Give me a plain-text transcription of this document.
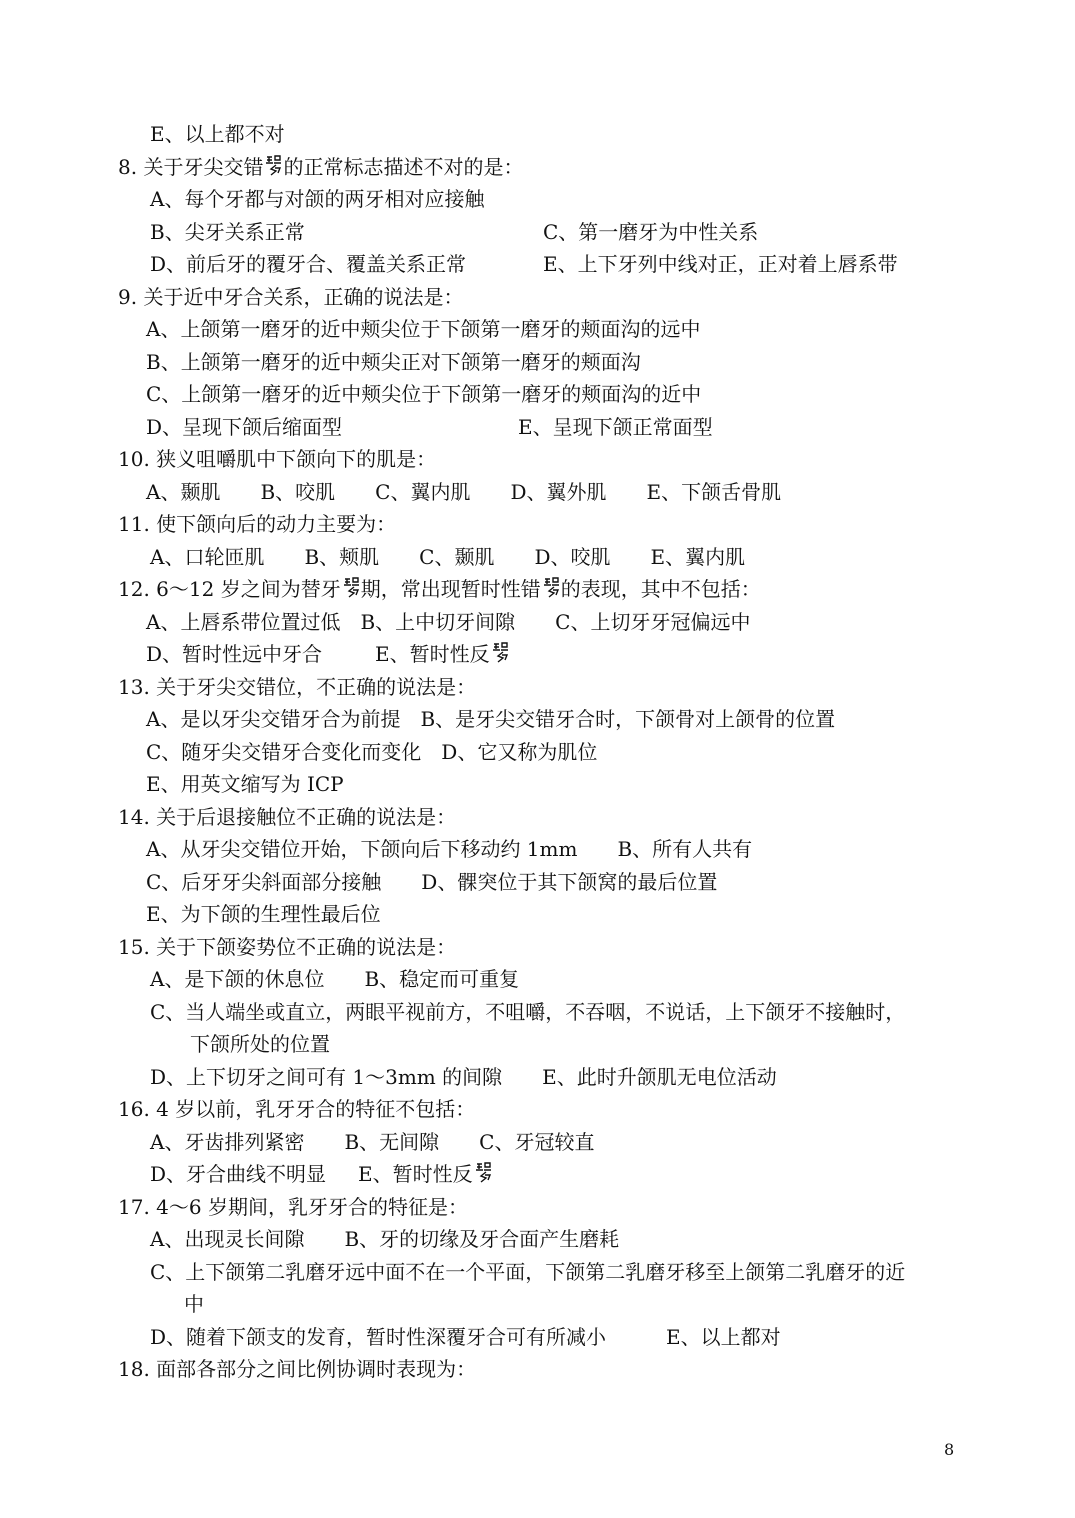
E、以上都不对
8. 关于牙尖交错 的正常标志描述不对的是：
A、每个牙都与对颌的两牙相对应接触
B、尖牙关系正常	C、第一磨牙为中性关系
D、前后牙的覆牙合、覆盖关系正常	E、上下牙列中线对正，正对着上唇系带
9. 关于近中牙合关系，正确的说法是：
A、上颌第一磨牙的近中颊尖位于下颌第一磨牙的颊面沟的远中
B、上颌第一磨牙的近中颊尖正对下颌第一磨牙的颊面沟
C、上颌第一磨牙的近中颊尖位于下颌第一磨牙的颊面沟的近中
D、呈现下颌后缩面型	E、呈现下颌正常面型
10. 狭义咀嚼肌中下颌向下的肌是：
A、颞肌　　B、咬肌　　C、翼内肌　　D、翼外肌　　E、下颌舌骨肌
11. 使下颌向后的动力主要为：
A、口轮匝肌　　B、颊肌　　C、颞肌　　D、咬肌　　E、翼内肌
12. 6～12 岁之间为替牙 期，常出现暂时性错 的表现，其中不包括：
A、上唇系带位置过低　B、上中切牙间隙　　C、上切牙牙冠偏远中
D、暂时性远中牙合	E、暂时性反
13. 关于牙尖交错位，不正确的说法是：
A、是以牙尖交错牙合为前提　B、是牙尖交错牙合时，下颌骨对上颌骨的位置
C、随牙尖交错牙合变化而变化　D、它又称为肌位
E、用英文缩写为 ICP
14. 关于后退接触位不正确的说法是：
A、从牙尖交错位开始，下颌向后下移动约 1mm　　B、所有人共有
C、后牙牙尖斜面部分接触　　D、髁突位于其下颌窝的最后位置
E、为下颌的生理性最后位
15. 关于下颌姿势位不正确的说法是：
A、是下颌的休息位　　B、稳定而可重复
C、当人端坐或直立，两眼平视前方，不咀嚼，不吞咽，不说话，上下颌牙不接触时，
下颌所处的位置
D、上下切牙之间可有 1～3mm 的间隙　　E、此时升颌肌无电位活动
16. 4 岁以前，乳牙牙合的特征不包括：
A、牙齿排列紧密　　B、无间隙　　C、牙冠较直
D、牙合曲线不明显 E、暂时性反
17. 4～6 岁期间，乳牙牙合的特征是：
A、出现灵长间隙　　B、牙的切缘及牙合面产生磨耗
C、上下颌第二乳磨牙远中面不在一个平面，下颌第二乳磨牙移至上颌第二乳磨牙的近
中
D、随着下颌支的发育，暂时性深覆牙合可有所减小　　　E、以上都对
18. 面部各部分之间比例协调时表现为：
8
